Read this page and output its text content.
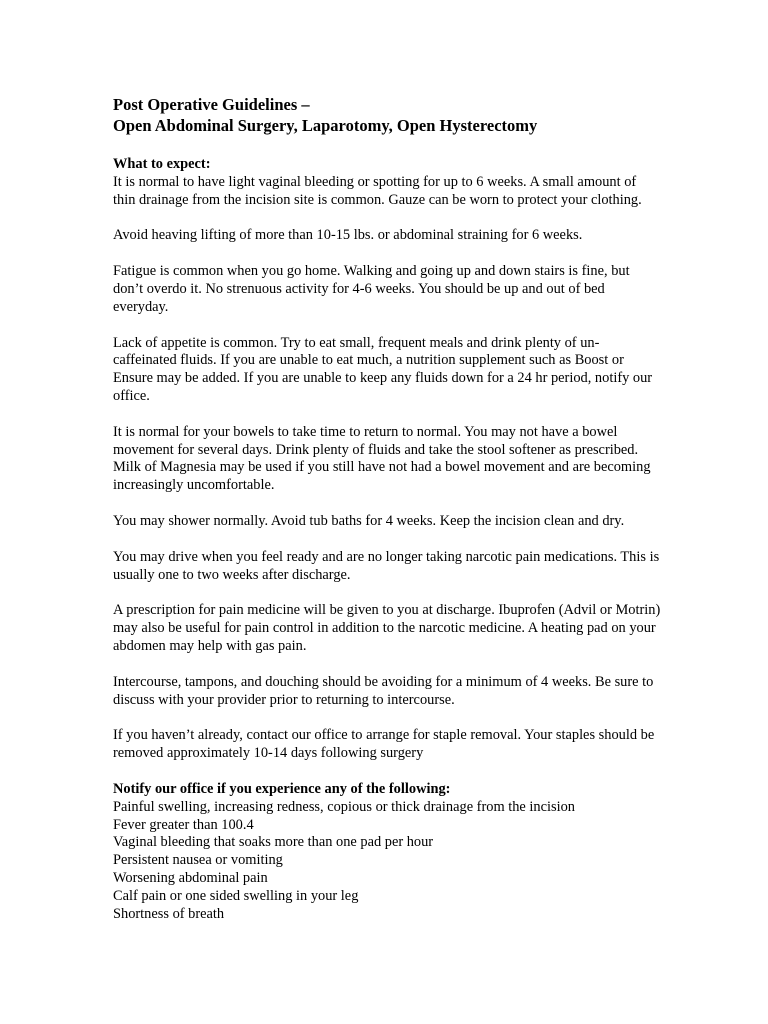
Post Operative Guidelines –

Open Abdominal Surgery, Laparotomy, Open Hysterectomy

What to expect:

It is normal to have light vaginal bleeding or spotting for up to 6 weeks. A small amount of thin drainage from the incision site is common. Gauze can be worn to protect your clothing.

Avoid heaving lifting of more than 10-15 lbs. or abdominal straining for 6 weeks.

Fatigue is common when you go home. Walking and going up and down stairs is fine, but don’t overdo it. No strenuous activity for 4-6 weeks. You should be up and out of bed everyday.

Lack of appetite is common. Try to eat small, frequent meals and drink plenty of un-caffeinated fluids. If you are unable to eat much, a nutrition supplement such as Boost or Ensure may be added. If you are unable to keep any fluids down for a 24 hr period, notify our office.

It is normal for your bowels to take time to return to normal. You may not have a bowel movement for several days. Drink plenty of fluids and take the stool softener as prescribed. Milk of Magnesia may be used if you still have not had a bowel movement and are becoming increasingly uncomfortable.

You may shower normally. Avoid tub baths for 4 weeks. Keep the incision clean and dry.

You may drive when you feel ready and are no longer taking narcotic pain medications. This is usually one to two weeks after discharge.

A prescription for pain medicine will be given to you at discharge. Ibuprofen (Advil or Motrin) may also be useful for pain control in addition to the narcotic medicine. A heating pad on your abdomen may help with gas pain.

Intercourse, tampons, and douching should be avoiding for a minimum of 4 weeks. Be sure to discuss with your provider prior to returning to intercourse.

If you haven’t already, contact our office to arrange for staple removal. Your staples should be removed approximately 10-14 days following surgery

Notify our office if you experience any of the following:

Painful swelling, increasing redness, copious or thick drainage from the incision
Fever greater than 100.4
Vaginal bleeding that soaks more than one pad per hour
Persistent nausea or vomiting
Worsening abdominal pain
Calf pain or one sided swelling in your leg
Shortness of breath
